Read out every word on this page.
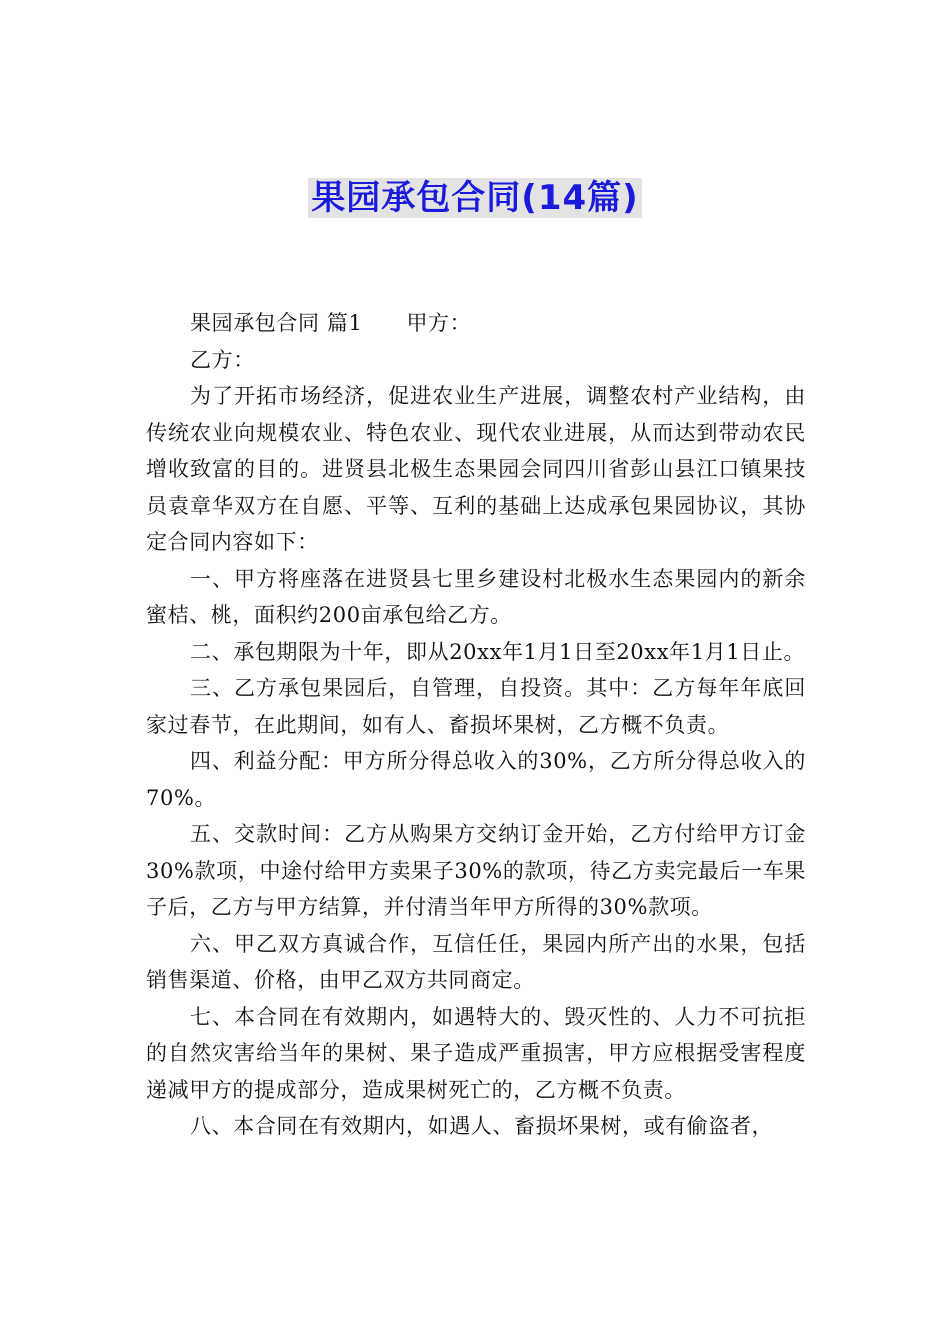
果园承包合同(14篇)

果园承包合同 篇1 甲方：

乙方：

为了开拓市场经济，促进农业生产进展，调整农村产业结构，由传统农业向规模农业、特色农业、现代农业进展，从而达到带动农民增收致富的目的。进贤县北极生态果园会同四川省彭山县江口镇果技员袁章华双方在自愿、平等、互利的基础上达成承包果园协议，其协定合同内容如下：

一、甲方将座落在进贤县七里乡建设村北极水生态果园内的新余蜜桔、桃，面积约200亩承包给乙方。

二、承包期限为十年，即从20xx年1月1日至20xx年1月1日止。

三、乙方承包果园后，自管理，自投资。其中：乙方每年年底回家过春节，在此期间，如有人、畜损坏果树，乙方概不负责。

四、利益分配：甲方所分得总收入的30%，乙方所分得总收入的70%。

五、交款时间：乙方从购果方交纳订金开始，乙方付给甲方订金30%款项，中途付给甲方卖果子30%的款项，待乙方卖完最后一车果子后，乙方与甲方结算，并付清当年甲方所得的30%款项。

六、甲乙双方真诚合作，互信任任，果园内所产出的水果，包括销售渠道、价格，由甲乙双方共同商定。

七、本合同在有效期内，如遇特大的、毁灭性的、人力不可抗拒的自然灾害给当年的果树、果子造成严重损害，甲方应根据受害程度递减甲方的提成部分，造成果树死亡的，乙方概不负责。

八、本合同在有效期内，如遇人、畜损坏果树，或有偷盗者，
